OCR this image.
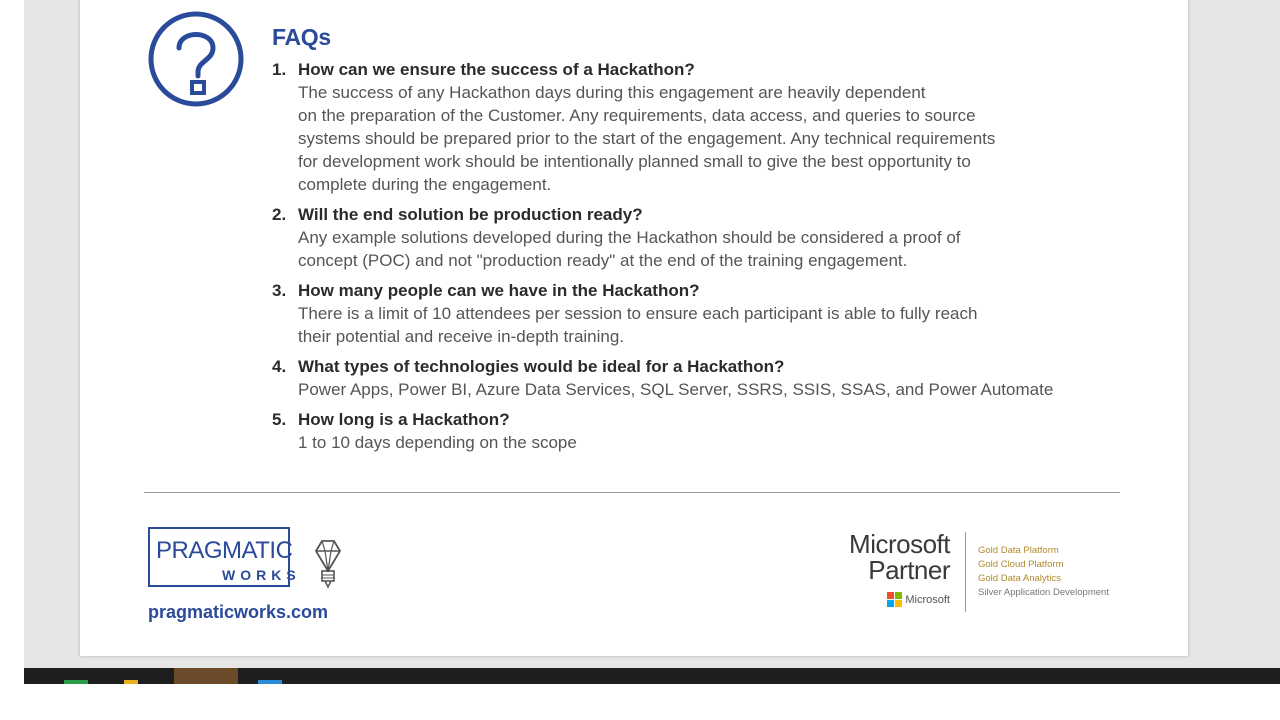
FAQs
1. How can we ensure the success of a Hackathon?
The success of any Hackathon days during this engagement are heavily dependent
on the preparation of the Customer. Any requirements, data access, and queries to source
systems should be prepared prior to the start of the engagement. Any technical requirements
for development work should be intentionally planned small to give the best opportunity to
complete during the engagement.
2. Will the end solution be production ready?
Any example solutions developed during the Hackathon should be considered a proof of
concept (POC) and not "production ready" at the end of the training engagement.
3. How many people can we have in the Hackathon?
There is a limit of 10 attendees per session to ensure each participant is able to fully reach
their potential and receive in-depth training.
4. What types of technologies would be ideal for a Hackathon?
Power Apps, Power BI, Azure Data Services, SQL Server, SSRS, SSIS, SSAS, and Power Automate
5. How long is a Hackathon?
1 to 10 days depending on the scope
PRAGMATIC
WORKS
pragmaticworks.com
Microsoft
Partner
Microsoft
Gold Data Platform
Gold Cloud Platform
Gold Data Analytics
Silver Application Development
